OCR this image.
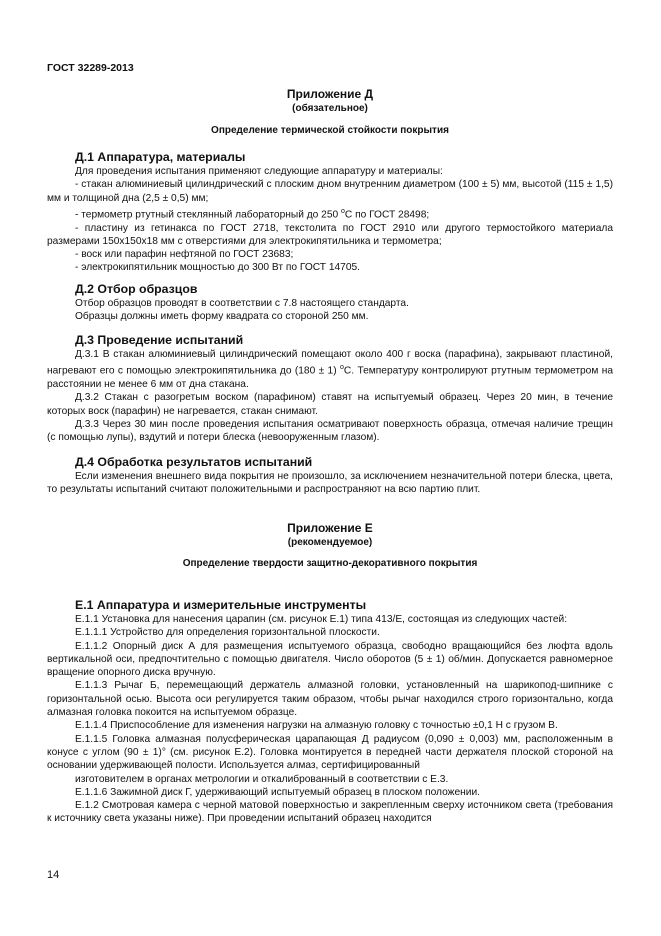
ГОСТ 32289-2013
Приложение Д
(обязательное)
Определение термической стойкости покрытия
Д.1 Аппаратура, материалы

Для проведения испытания применяют следующие аппаратуру и материалы:

- стакан алюминиевый цилиндрический с плоским дном внутренним диаметром (100 ± 5) мм, высотой (115 ± 1,5) мм и толщиной дна (2,5 ± 0,5) мм;

- термометр ртутный стеклянный лабораторный до 250 $^о$С по ГОСТ 28498;

- пластину из гетинакса по ГОСТ 2718, текстолита по ГОСТ 2910 или другого термостойкого материала размерами 150х150х18 мм с отверстиями для электрокипятильника и термометра;

- воск или парафин нефтяной по ГОСТ 23683;

- электрокипятильник мощностью до 300 Вт по ГОСТ 14705.

Д.2 Отбор образцов

Отбор образцов проводят в соответствии с 7.8 настоящего стандарта.

Образцы должны иметь форму квадрата со стороной 250 мм.

Д.3 Проведение испытаний

Д.3.1 В стакан алюминиевый цилиндрический помещают около 400 г воска (парафина), закрывают пластиной, нагревают его с помощью электрокипятильника до (180 ± 1) $^о$С. Температуру контролируют ртутным термометром на расстоянии не менее 6 мм от дна стакана.

Д.3.2 Стакан с разогретым воском (парафином) ставят на испытуемый образец. Через 20 мин, в течение которых воск (парафин) не нагревается, стакан снимают.

Д.3.3 Через 30 мин после проведения испытания осматривают поверхность образца, отмечая наличие трещин (с помощью лупы), вздутий и потери блеска (невооруженным глазом).

Д.4 Обработка результатов испытаний

Если изменения внешнего вида покрытия не произошло, за исключением незначительной потери блеска, цвета, то результаты испытаний считают положительными и распространяют на всю партию плит.

Приложение Е
(рекомендуемое)
Определение твердости защитно-декоративного покрытия
Е.1 Аппаратура и измерительные инструменты

Е.1.1 Установка для нанесения царапин (см. рисунок Е.1) типа 413/Е, состоящая из следующих частей:

Е.1.1.1 Устройство для определения горизонтальной плоскости.

Е.1.1.2 Опорный диск А для размещения испытуемого образца, свободно вращающийся без люфта вдоль вертикальной оси, предпочтительно с помощью двигателя. Число оборотов (5 ± 1) об/мин. Допускается равномерное вращение опорного диска вручную.

Е.1.1.3 Рычаг Б, перемещающий держатель алмазной головки, установленный на шарикопод-шипнике с горизонтальной осью. Высота оси регулируется таким образом, чтобы рычаг находился строго горизонтально, когда алмазная головка покоится на испытуемом образце.

Е.1.1.4 Приспособление для изменения нагрузки на алмазную головку с точностью ±0,1 Н с грузом В.

Е.1.1.5 Головка алмазная полусферическая царапающая Д радиусом (0,090 ± 0,003) мм, расположенным в конусе с углом (90 ± 1)° (см. рисунок Е.2). Головка монтируется в передней части держателя плоской стороной на основании удерживающей полости. Используется алмаз, сертифицированный

изготовителем в органах метрологии и откалиброванный в соответствии с Е.3.

Е.1.1.6 Зажимной диск Г, удерживающий испытуемый образец в плоском положении.

Е.1.2 Смотровая камера с черной матовой поверхностью и закрепленным сверху источником света (требования к источнику света указаны ниже). При проведении испытаний образец находится

14
